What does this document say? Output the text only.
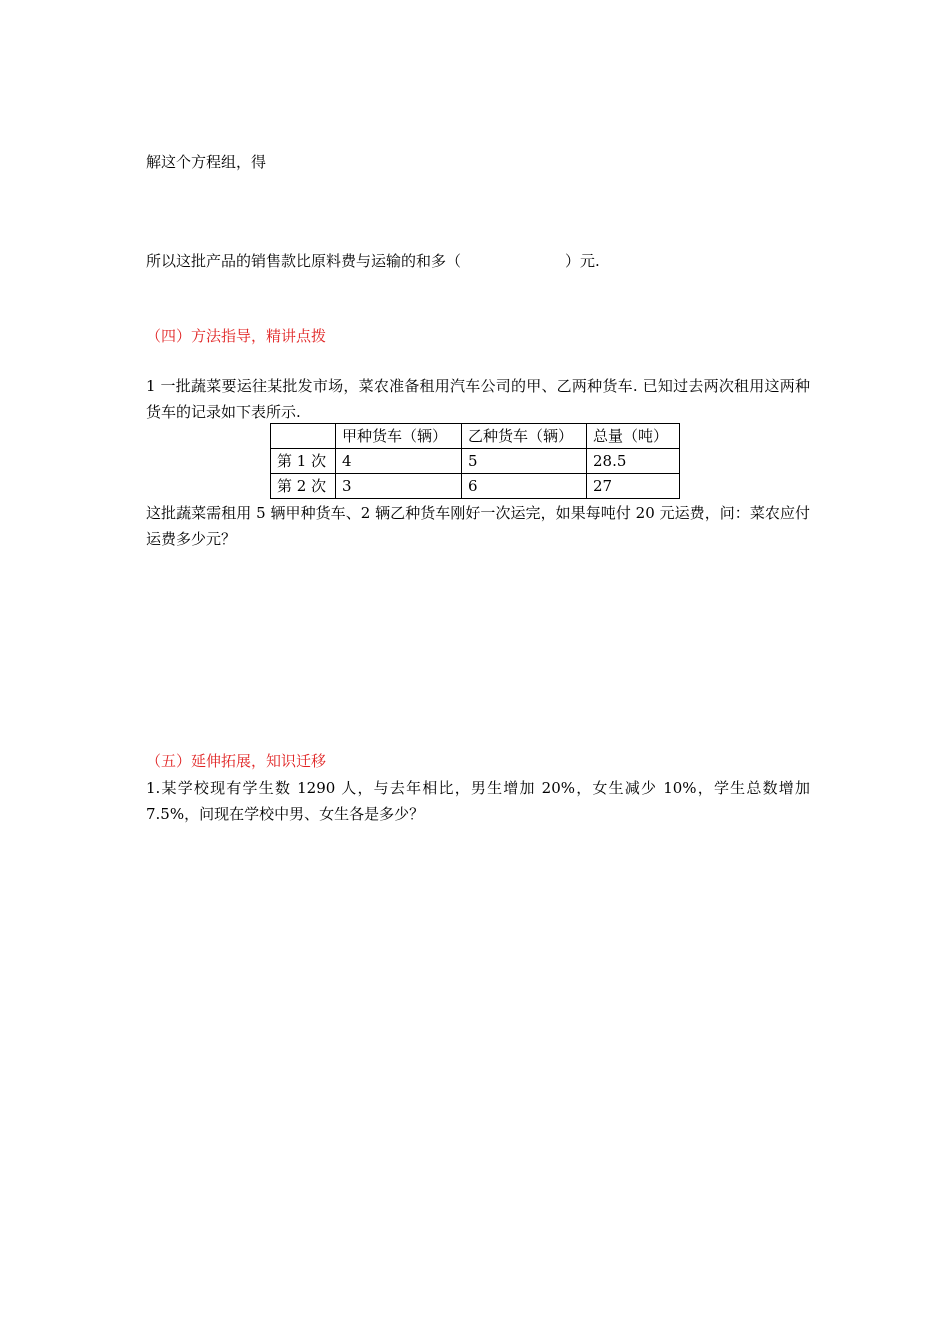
解这个方程组，得
所以这批产品的销售款比原料费与运输的和多（	）元.
（四）方法指导，精讲点拨
1 一批蔬菜要运往某批发市场，菜农准备租用汽车公司的甲、乙两种货车. 已知过去两次租用这两种货车的记录如下表所示.
	甲种货车（辆）	乙种货车（辆）	总量（吨）
第 1 次	4	5	28.5
第 2 次	3	6	27
这批蔬菜需租用 5 辆甲种货车、2 辆乙种货车刚好一次运完，如果每吨付 20 元运费，问：菜农应付运费多少元？
（五）延伸拓展，知识迁移
1.某学校现有学生数 1290 人，与去年相比，男生增加 20%，女生减少 10%，学生总数增加 7.5%，问现在学校中男、女生各是多少？
